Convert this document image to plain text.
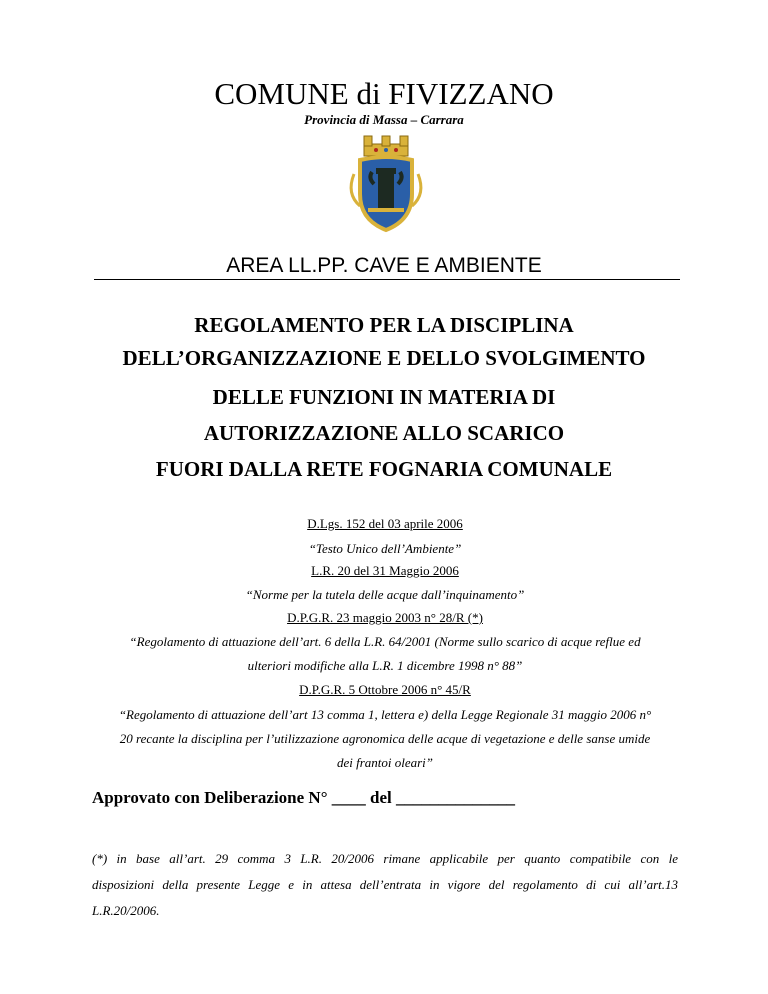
COMUNE di FIVIZZANO
Provincia di Massa – Carrara
AREA LL.PP. CAVE E AMBIENTE
REGOLAMENTO PER LA DISCIPLINA
DELL’ORGANIZZAZIONE E DELLO SVOLGIMENTO
DELLE FUNZIONI IN MATERIA DI
AUTORIZZAZIONE ALLO SCARICO
FUORI DALLA RETE FOGNARIA COMUNALE
D.Lgs. 152 del 03 aprile 2006
“Testo Unico dell’Ambiente”
L.R. 20 del 31 Maggio 2006
“Norme per la tutela delle acque dall’inquinamento”
D.P.G.R. 23 maggio 2003 n° 28/R (*)
“Regolamento di attuazione dell’art. 6 della L.R. 64/2001 (Norme sullo scarico di acque reflue ed
ulteriori modifiche alla L.R. 1 dicembre 1998 n° 88”
D.P.G.R. 5 Ottobre 2006 n° 45/R
“Regolamento di attuazione dell’art 13 comma 1, lettera e) della Legge Regionale 31 maggio 2006 n°
20 recante la disciplina per l’utilizzazione agronomica delle acque di vegetazione e delle sanse umide
dei frantoi oleari”
Approvato con Deliberazione N° ____ del ______________
(*) in base all’art. 29 comma 3 L.R. 20/2006 rimane applicabile per quanto compatibile con le
disposizioni della presente Legge e in attesa dell’entrata in vigore del regolamento di cui all’art.13
L.R.20/2006.
